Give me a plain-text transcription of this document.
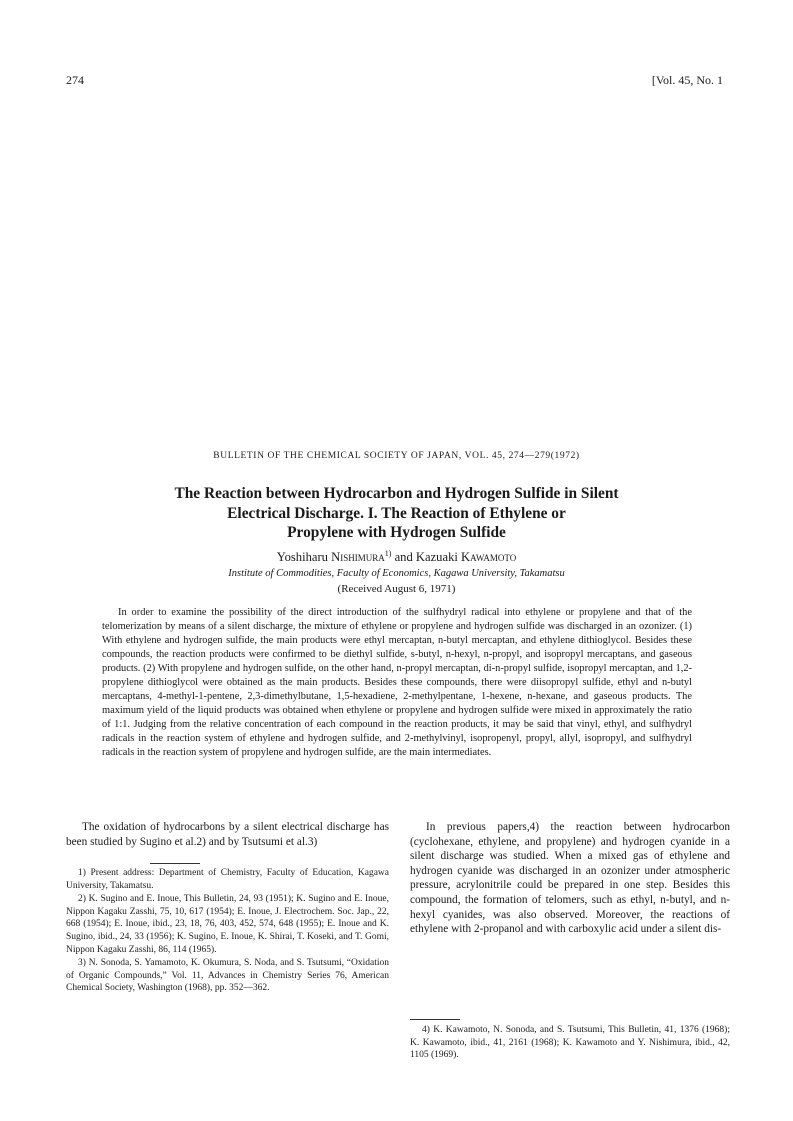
274	[Vol. 45, No. 1
BULLETIN OF THE CHEMICAL SOCIETY OF JAPAN, VOL. 45, 274—279(1972)
The Reaction between Hydrocarbon and Hydrogen Sulfide in Silent
Electrical Discharge. I. The Reaction of Ethylene or
Propylene with Hydrogen Sulfide
Yoshiharu Nishimura$^{1)}$ and Kazuaki Kawamoto
Institute of Commodities, Faculty of Economics, Kagawa University, Takamatsu
(Received August 6, 1971)
In order to examine the possibility of the direct introduction of the sulfhydryl radical into ethylene or propylene and that of the telomerization by means of a silent discharge, the mixture of ethylene or propylene and hydrogen sulfide was discharged in an ozonizer. (1) With ethylene and hydrogen sulfide, the main products were ethyl mercaptan, n-butyl mercaptan, and ethylene dithioglycol. Besides these compounds, the reaction products were confirmed to be diethyl sulfide, s-butyl, n-hexyl, n-propyl, and isopropyl mercaptans, and gaseous products. (2) With propylene and hydrogen sulfide, on the other hand, n-propyl mercaptan, di-n-propyl sulfide, isopropyl mercaptan, and 1,2-propylene dithioglycol were obtained as the main products. Besides these compounds, there were diisopropyl sulfide, ethyl and n-butyl mercaptans, 4-methyl-1-pentene, 2,3-dimethylbutane, 1,5-hexadiene, 2-methylpentane, 1-hexene, n-hexane, and gaseous products. The maximum yield of the liquid products was obtained when ethylene or propylene and hydrogen sulfide were mixed in approximately the ratio of 1:1. Judging from the relative concentration of each compound in the reaction products, it may be said that vinyl, ethyl, and sulfhydryl radicals in the reaction system of ethylene and hydrogen sulfide, and 2-methylvinyl, isopropenyl, propyl, allyl, isopropyl, and sulfhydryl radicals in the reaction system of propylene and hydrogen sulfide, are the main intermediates.

The oxidation of hydrocarbons by a silent electrical discharge has been studied by Sugino et al.2) and by Tsutsumi et al.3)

1) Present address: Department of Chemistry, Faculty of Education, Kagawa University, Takamatsu.

2) K. Sugino and E. Inoue, This Bulletin, 24, 93 (1951); K. Sugino and E. Inoue, Nippon Kagaku Zasshi, 75, 10, 617 (1954); E. Inoue, J. Electrochem. Soc. Jap., 22, 668 (1954); E. Inoue, ibid., 23, 18, 76, 403, 452, 574, 648 (1955); E. Inoue and K. Sugino, ibid., 24, 33 (1956); K. Sugino, E. Inoue, K. Shirai, T. Koseki, and T. Gomi, Nippon Kagaku Zasshi, 86, 114 (1965).

3) N. Sonoda, S. Yamamoto, K. Okumura, S. Noda, and S. Tsutsumi, “Oxidation of Organic Compounds,” Vol. 11, Advances in Chemistry Series 76, American Chemical Society, Washington (1968), pp. 352—362.

In previous papers,4) the reaction between hydrocarbon (cyclohexane, ethylene, and propylene) and hydrogen cyanide in a silent discharge was studied. When a mixed gas of ethylene and hydrogen cyanide was discharged in an ozonizer under atmospheric pressure, acrylonitrile could be prepared in one step. Besides this compound, the formation of telomers, such as ethyl, n-butyl, and n-hexyl cyanides, was also observed. Moreover, the reactions of ethylene with 2-propanol and with carboxylic acid under a silent dis-

4) K. Kawamoto, N. Sonoda, and S. Tsutsumi, This Bulletin, 41, 1376 (1968); K. Kawamoto, ibid., 41, 2161 (1968); K. Kawamoto and Y. Nishimura, ibid., 42, 1105 (1969).
